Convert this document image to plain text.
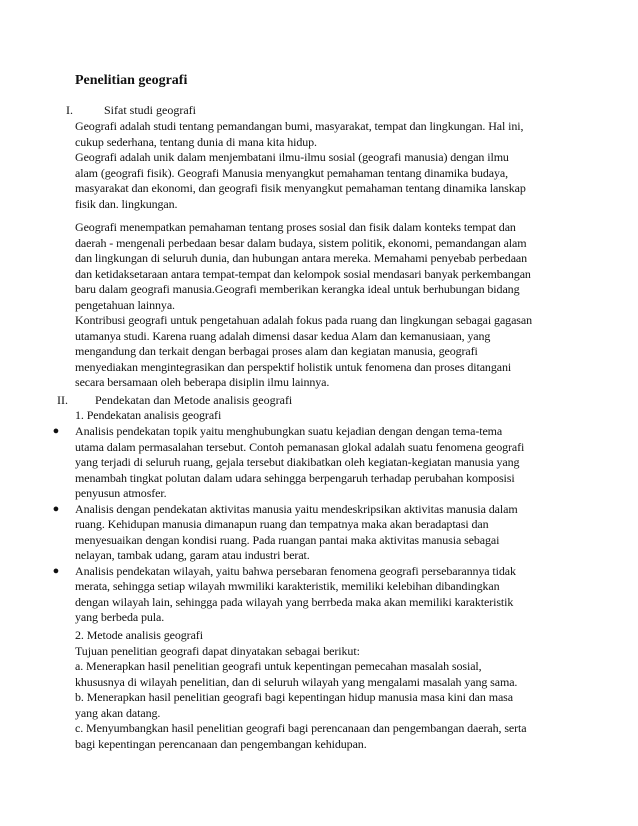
Penelitian geografi
I.	Sifat studi geografi

Geografi adalah studi tentang pemandangan bumi, masyarakat, tempat dan lingkungan. Hal ini,

cukup sederhana, tentang dunia di mana kita hidup.

Geografi adalah unik dalam menjembatani ilmu-ilmu sosial (geografi manusia) dengan ilmu

alam (geografi fisik). Geografi Manusia menyangkut pemahaman tentang dinamika budaya,

masyarakat dan ekonomi, dan geografi fisik menyangkut pemahaman tentang dinamika lanskap

fisik dan. lingkungan.

Geografi menempatkan pemahaman tentang proses sosial dan fisik dalam konteks tempat dan

daerah - mengenali perbedaan besar dalam budaya, sistem politik, ekonomi, pemandangan alam

dan lingkungan di seluruh dunia, dan hubungan antara mereka. Memahami penyebab perbedaan

dan ketidaksetaraan antara tempat-tempat dan kelompok sosial mendasari banyak perkembangan

baru dalam geografi manusia.Geografi memberikan kerangka ideal untuk berhubungan bidang

pengetahuan lainnya.

Kontribusi geografi untuk pengetahuan adalah fokus pada ruang dan lingkungan sebagai gagasan

utamanya studi. Karena ruang adalah dimensi dasar kedua Alam dan kemanusiaan, yang

mengandung dan terkait dengan berbagai proses alam dan kegiatan manusia, geografi

menyediakan mengintegrasikan dan perspektif holistik untuk fenomena dan proses ditangani

secara bersamaan oleh beberapa disiplin ilmu lainnya.

II. Pendekatan dan Metode analisis geografi

1. Pendekatan analisis geografi

● Analisis pendekatan topik yaitu menghubungkan suatu kejadian dengan dengan tema-tema
utama dalam permasalahan tersebut. Contoh pemanasan glokal adalah suatu fenomena geografi
yang terjadi di seluruh ruang, gejala tersebut diakibatkan oleh kegiatan-kegiatan manusia yang
menambah tingkat polutan dalam udara sehingga berpengaruh terhadap perubahan komposisi
penyusun atmosfer.
● Analisis dengan pendekatan aktivitas manusia yaitu mendeskripsikan aktivitas manusia dalam
ruang. Kehidupan manusia dimanapun ruang dan tempatnya maka akan beradaptasi dan
menyesuaikan dengan kondisi ruang. Pada ruangan pantai maka aktivitas manusia sebagai
nelayan, tambak udang, garam atau industri berat.
● Analisis pendekatan wilayah, yaitu bahwa persebaran fenomena geografi persebarannya tidak
merata, sehingga setiap wilayah mwmiliki karakteristik, memiliki kelebihan dibandingkan
dengan wilayah lain, sehingga pada wilayah yang berrbeda maka akan memiliki karakteristik
yang berbeda pula.

2. Metode analisis geografi

Tujuan penelitian geografi dapat dinyatakan sebagai berikut:

a. Menerapkan hasil penelitian geografi untuk kepentingan pemecahan masalah sosial,

khususnya di wilayah penelitian, dan di seluruh wilayah yang mengalami masalah yang sama.

b. Menerapkan hasil penelitian geografi bagi kepentingan hidup manusia masa kini dan masa

yang akan datang.

c. Menyumbangkan hasil penelitian geografi bagi perencanaan dan pengembangan daerah, serta

bagi kepentingan perencanaan dan pengembangan kehidupan.
